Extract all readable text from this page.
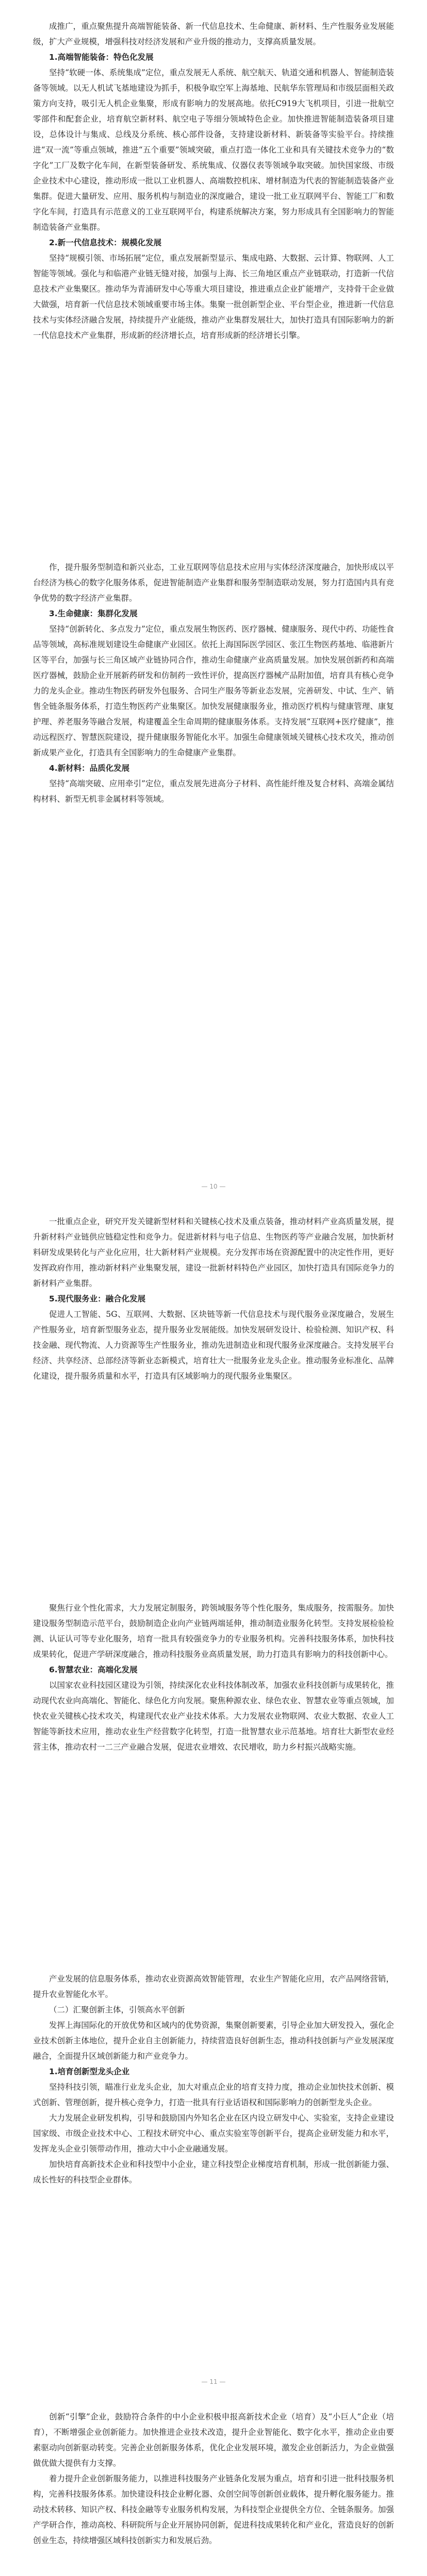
成推广，重点聚焦提升高端智能装备、新一代信息技术、生命健康、新材料、生产性服务业发展能级，扩大产业规模，增强科技对经济发展和产业升级的推动力，支撑高质量发展。

1.高端智能装备：特色化发展

坚持“软硬一体、系统集成”定位，重点发展无人系统、航空航天、轨道交通和机器人、智能制造装备等领域。以无人机试飞基地建设为抓手，积极争取空军上海基地、民航华东管理局和市级层面相关政策方向支持，吸引无人机企业集聚，形成有影响力的发展高地。依托C919大飞机项目，引进一批航空零部件和配套企业，培育航空新材料、航空电子等细分领域特色企业。加快推进智能制造装备项目建设，总体设计与集成、总线及分系统、核心部件设备，支持建设新材料、新装备等实验平台。持续推进“双一流”等重点领域，推进“五个重要”领域突破，重点打造一体化工业和具有关键技术竞争力的“数字化”工厂及数字化车间，在新型装备研发、系统集成、仪器仪表等领域争取突破。加快国家级、市级企业技术中心建设，推动形成一批以工业机器人、高端数控机床、增材制造为代表的智能制造装备产业集群。促进大量研发、应用、服务机构与制造业的深度融合，建设一批工业互联网平台、智能工厂和数字化车间，打造具有示范意义的工业互联网平台，构建系统解决方案，努力形成具有全国影响力的智能制造装备产业集群。

2.新一代信息技术：规模化发展

坚持“规模引领、市场拓展”定位，重点发展新型显示、集成电路、大数据、云计算、物联网、人工智能等领域。强化与和临港产业链无缝对接，加强与上海、长三角地区重点产业链联动，打造新一代信息技术产业集聚区。推动华为青浦研发中心等重大项目建设，推进重点企业扩能增产，支持骨干企业做大做强，培育新一代信息技术领域重要市场主体。集聚一批创新型企业、平台型企业，推进新一代信息技术与实体经济融合发展，持续提升产业能级，推动产业集群发展壮大，加快打造具有国际影响力的新一代信息技术产业集群，形成新的经济增长点，培育形成新的经济增长引擎。

作，提升服务型制造和新兴业态，工业互联网等信息技术应用与实体经济深度融合，加快形成以平台经济为核心的数字化服务体系，促进智能制造产业集群和服务型制造联动发展，努力打造国内具有竞争优势的数字经济产业集群。

3.生命健康：集群化发展

坚持“创新转化、多点发力”定位，重点发展生物医药、医疗器械、健康服务、现代中药、功能性食品等领域，高标准规划建设生命健康产业园区。依托上海国际医学园区、张江生物医药基地、临港新片区等平台，加强与长三角区域产业链协同合作，推动生命健康产业高质量发展。加快发展创新药和高端医疗器械，鼓励企业开展新药研发和仿制药一致性评价，提高医疗器械产品附加值，培育具有核心竞争力的龙头企业。推动生物医药研发外包服务、合同生产服务等新业态发展，完善研发、中试、生产、销售全链条服务体系，打造生物医药产业集聚区。加快发展健康服务业，推动医疗机构与健康管理、康复护理、养老服务等融合发展，构建覆盖全生命周期的健康服务体系。支持发展“互联网+医疗健康”，推动远程医疗、智慧医院建设，提升健康服务智能化水平。加强生命健康领域关键核心技术攻关，推动创新成果产业化，打造具有全国影响力的生命健康产业集群。

4.新材料：品质化发展

坚持“高端突破、应用牵引”定位，重点发展先进高分子材料、高性能纤维及复合材料、高端金属结构材料、新型无机非金属材料等领域。

— 10 —

一批重点企业，研究开发关键新型材料和关键核心技术及重点装备，推动材料产业高质量发展，提升新材料产业链供应链稳定性和竞争力。促进新材料与电子信息、生物医药等产业融合发展，加快新材料研发成果转化与产业化应用，壮大新材料产业规模。充分发挥市场在资源配置中的决定性作用，更好发挥政府作用，推动新材料产业集聚发展，建设一批新材料特色产业园区，加快打造具有国际竞争力的新材料产业集群。

5.现代服务业：融合化发展

促进人工智能、5G、互联网、大数据、区块链等新一代信息技术与现代服务业深度融合，发展生产性服务业，培育新型服务业态，提升服务业发展能级。加快发展研发设计、检验检测、知识产权、科技金融、现代物流、人力资源等生产性服务业，推动先进制造业和现代服务业深度融合。支持发展平台经济、共享经济、总部经济等新业态新模式，培育壮大一批服务业龙头企业。推动服务业标准化、品牌化建设，提升服务质量和水平，打造具有区域影响力的现代服务业集聚区。

聚焦行业个性化需求，大力发展定制服务，跨领域服务等个性化服务，集成服务，按需服务。加快建设服务型制造示范平台，鼓励制造企业向产业链两端延伸，推动制造业服务化转型。支持发展检验检测、认证认可等专业化服务，培育一批具有较强竞争力的专业服务机构。完善科技服务体系，加快科技成果转化，促进产学研深度融合，推动科技服务业高质量发展，助力打造具有影响力的科技创新中心。

6.智慧农业：高端化发展

以国家农业科技园区建设为引领，持续深化农业科技体制改革，加强农业科技创新与成果转化，推动现代农业向高端化、智能化、绿色化方向发展。聚焦种源农业、绿色农业、智慧农业等重点领域，加快农业关键核心技术攻关，构建现代农业产业技术体系。大力发展农业物联网、农业大数据、农业人工智能等新技术应用，推动农业生产经营数字化转型，打造一批智慧农业示范基地。培育壮大新型农业经营主体，推动农村一二三产业融合发展，促进农业增效、农民增收，助力乡村振兴战略实施。

产业发展的信息服务体系，推动农业资源高效智能管理，农业生产智能化应用，农产品网络营销，提升农业智能化水平。

（二）汇聚创新主体，引领高水平创新

发挥上海国际化的开放优势和区域内的优势资源，集聚创新要素，引导企业加大研发投入，强化企业技术创新主体地位，提升企业自主创新能力，持续营造良好创新生态，推动科技创新与产业发展深度融合，全面提升区域创新能力和产业竞争力。

1.培育创新型龙头企业

坚持科技引领，瞄准行业龙头企业，加大对重点企业的培育支持力度，推动企业加快技术创新、模式创新、管理创新，提升核心竞争力，打造一批具有行业话语权和国际影响力的创新型龙头企业。

大力发展企业研发机构，引导和鼓励国内外知名企业在区内设立研发中心、实验室，支持企业建设国家级、市级企业技术中心、工程技术研究中心、重点实验室等创新平台，提高企业研发能力和水平，发挥龙头企业引领带动作用，推动大中小企业融通发展。

加快培育高新技术企业和科技型中小企业，建立科技型企业梯度培育机制，形成一批创新能力强、成长性好的科技型企业群体。

— 11 —

创新“引擎”企业，鼓励符合条件的中小企业积极申报高新技术企业（培育）及“小巨人”企业（培育），不断增强企业创新能力。加快推进企业技术改造，提升企业智能化、数字化水平，推动企业由要素驱动向创新驱动转变。完善企业创新服务体系，优化企业发展环境，激发企业创新活力，为企业做强做优做大提供有力支撑。

着力提升企业创新服务能力，以推进科技服务产业链条化发展为重点，培育和引进一批科技服务机构，完善科技服务体系。加快建设科技企业孵化器、众创空间等创新创业载体，提升孵化服务能力。推动技术转移、知识产权、科技金融等专业服务机构发展，为科技型企业提供全方位、全链条服务。加强产学研合作，推动高校、科研院所与企业开展协同创新，促进科技成果转化和产业化，营造良好的创新创业生态，持续增强区域科技创新实力和发展后劲。
